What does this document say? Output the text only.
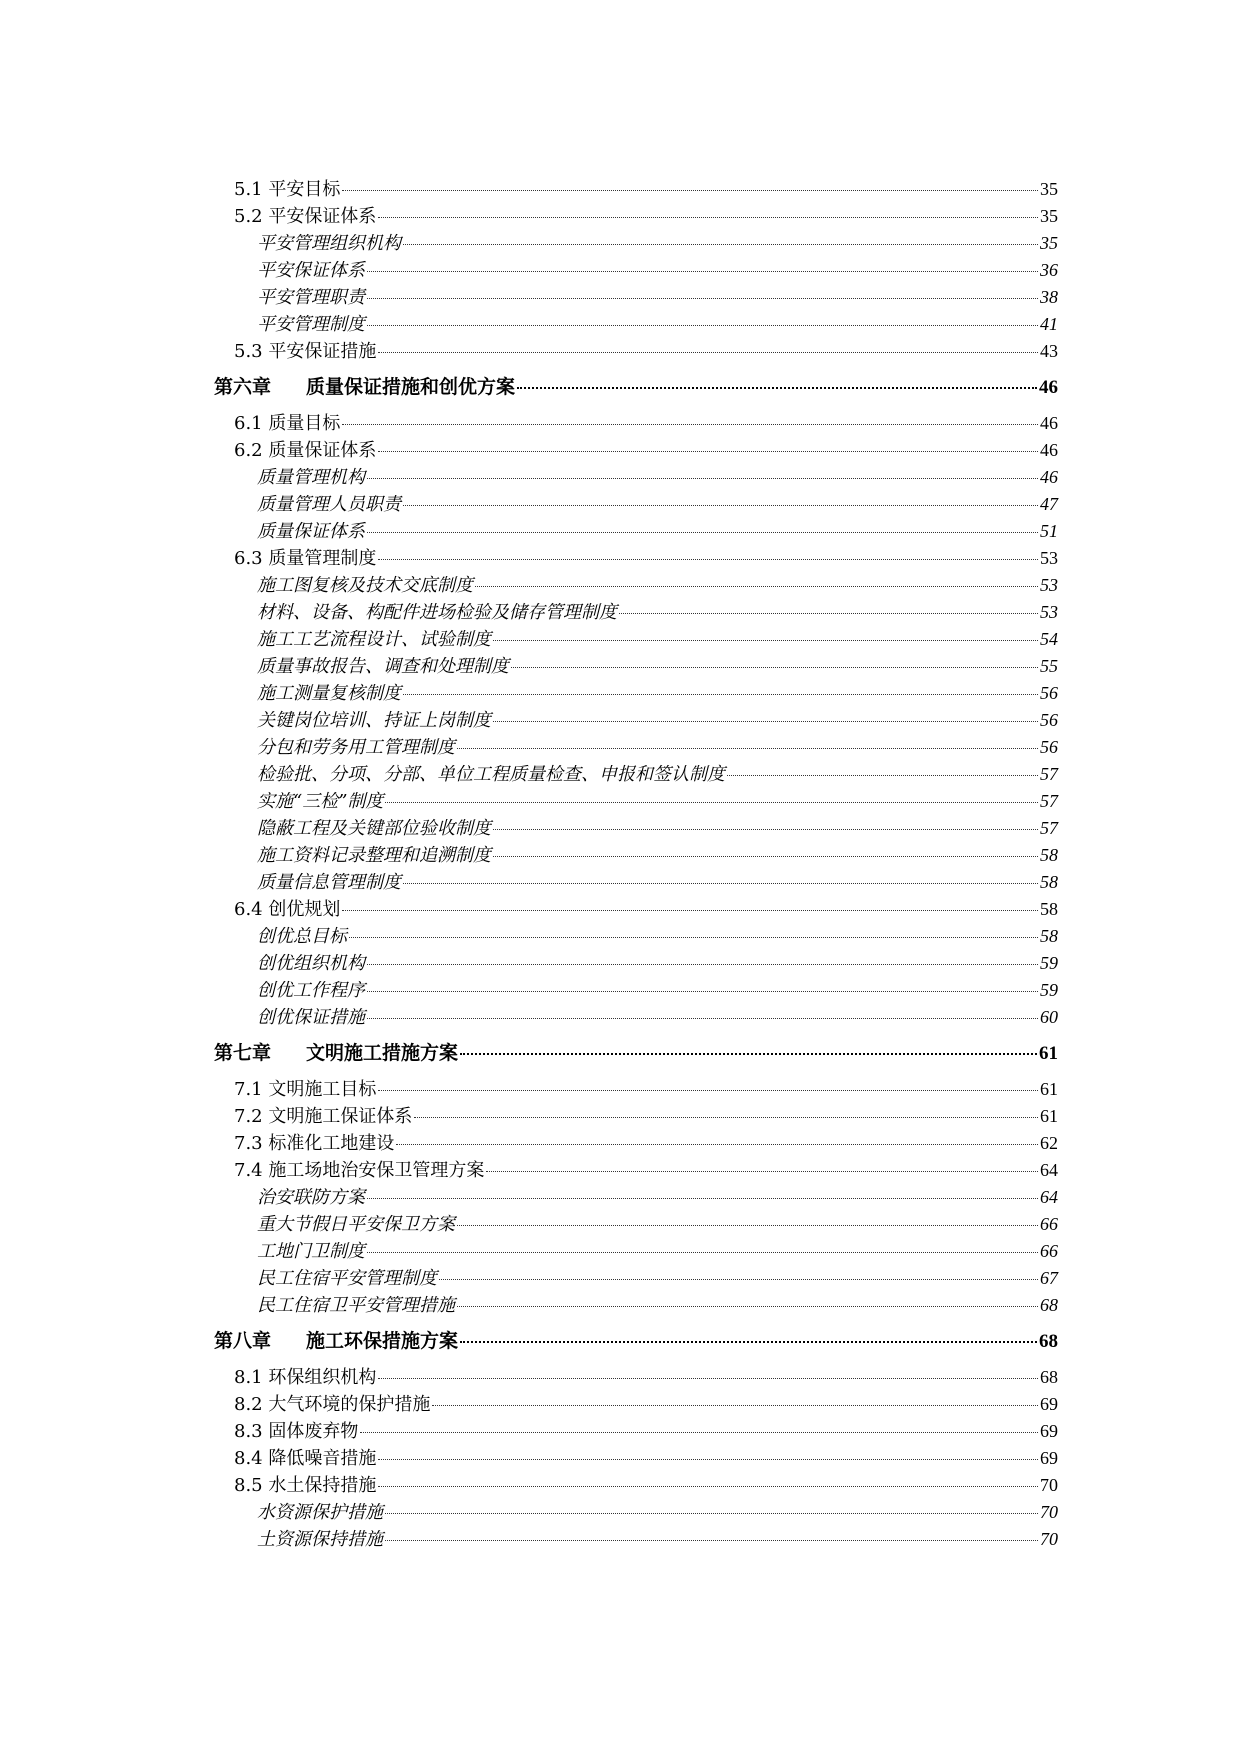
5.1 平安目标	35
5.2 平安保证体系	35
平安管理组织机构	35
平安保证体系	36
平安管理职责	38
平安管理制度	41
5.3 平安保证措施	43
第六章 质量保证措施和创优方案	46
6.1 质量目标	46
6.2 质量保证体系	46
质量管理机构	46
质量管理人员职责	47
质量保证体系	51
6.3 质量管理制度	53
施工图复核及技术交底制度	53
材料、设备、构配件进场检验及储存管理制度	53
施工工艺流程设计、试验制度	54
质量事故报告、调查和处理制度	55
施工测量复核制度	56
关键岗位培训、持证上岗制度	56
分包和劳务用工管理制度	56
检验批、分项、分部、单位工程质量检查、申报和签认制度	57
实施“三检”制度	57
隐蔽工程及关键部位验收制度	57
施工资料记录整理和追溯制度	58
质量信息管理制度	58
6.4 创优规划	58
创优总目标	58
创优组织机构	59
创优工作程序	59
创优保证措施	60
第七章 文明施工措施方案	61
7.1 文明施工目标	61
7.2 文明施工保证体系	61
7.3 标准化工地建设	62
7.4 施工场地治安保卫管理方案	64
治安联防方案	64
重大节假日平安保卫方案	66
工地门卫制度	66
民工住宿平安管理制度	67
民工住宿卫平安管理措施	68
第八章 施工环保措施方案	68
8.1 环保组织机构	68
8.2 大气环境的保护措施	69
8.3 固体废弃物	69
8.4 降低噪音措施	69
8.5 水土保持措施	70
水资源保护措施	70
土资源保持措施	70
